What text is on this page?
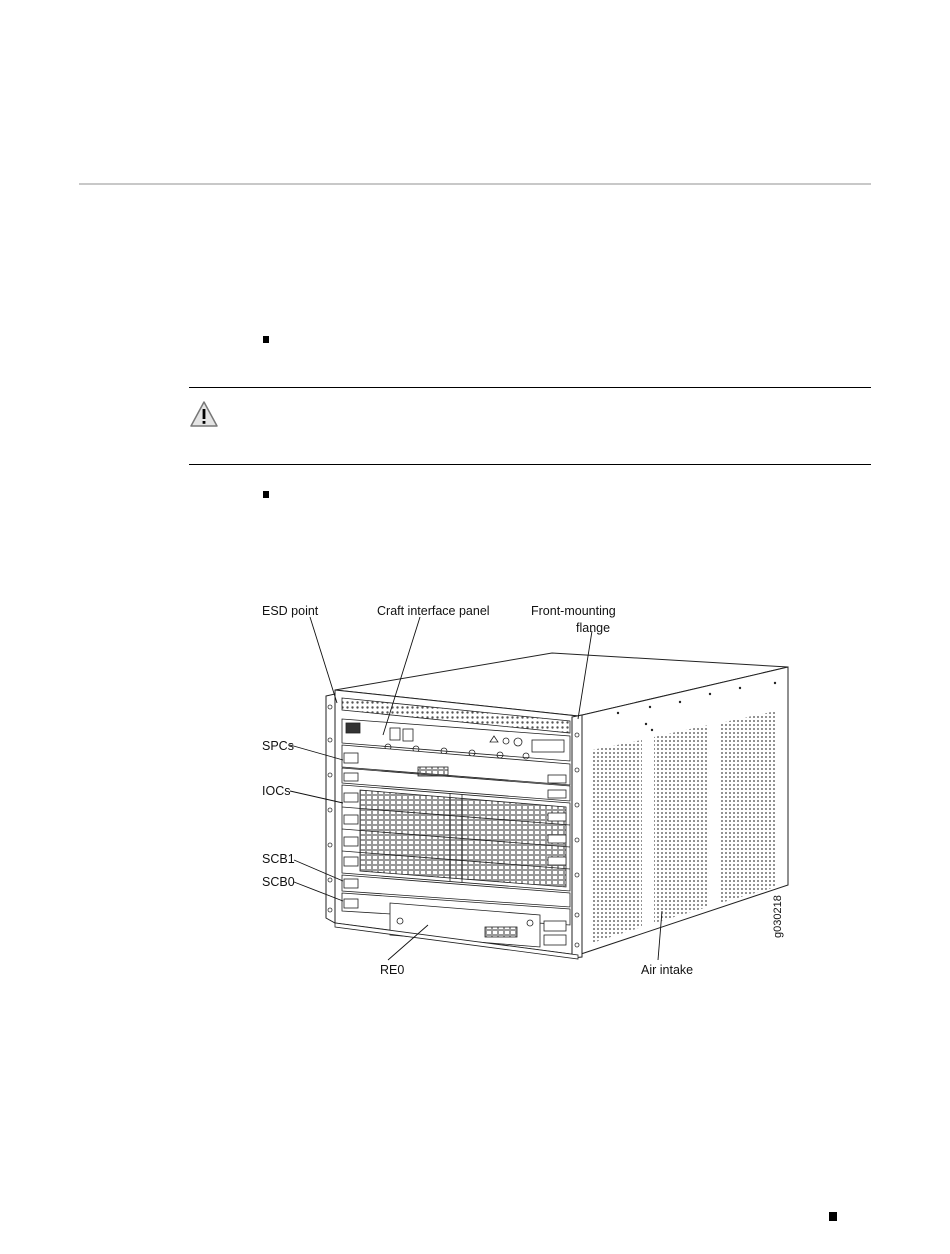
ESD point	Craft interface panel	Front-mounting
flange
SPCs
IOCs
SCB1
SCB0
RE0	Air intake
g030218
